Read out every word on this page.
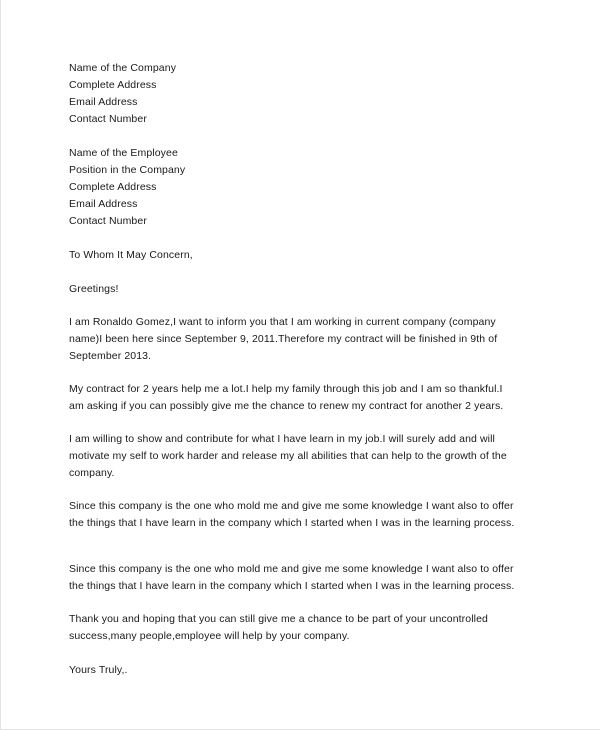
Name of the Company
Complete Address
Email Address
Contact Number
Name of the Employee
Position in the Company
Complete Address
Email Address
Contact Number

To Whom It May Concern,

Greetings!

I am Ronaldo Gomez,I want to inform you that I am working in current company (company name)I been here since September 9, 2011.Therefore my contract will be finished in 9th of September 2013.

My contract for 2 years help me a lot.I help my family through this job and I am so thankful.I am asking if you can possibly give me the chance to renew my contract for another 2 years.

I am willing to show and contribute for what I have learn in my job.I will surely add and will motivate my self to work harder and release my all abilities that can help to the growth of the company.

Since this company is the one who mold me and give me some knowledge I want also to offer the things that I have learn in the company which I started when I was in the learning process.

Since this company is the one who mold me and give me some knowledge I want also to offer the things that I have learn in the company which I started when I was in the learning process.

Thank you and hoping that you can still give me a chance to be part of your uncontrolled success,many people,employee will help by your company.

Yours Truly,.
